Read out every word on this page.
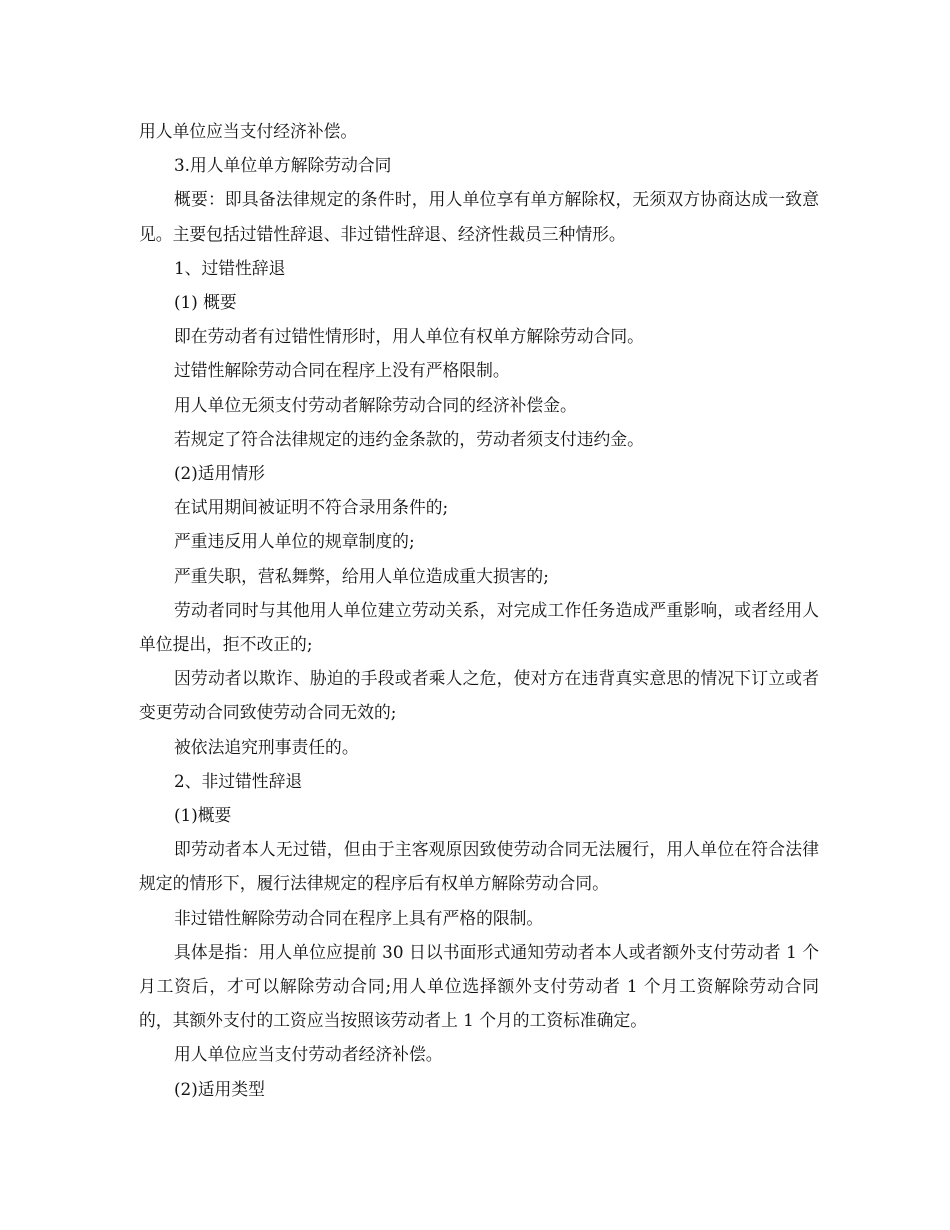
用人单位应当支付经济补偿。

3.用人单位单方解除劳动合同

概要：即具备法律规定的条件时，用人单位享有单方解除权，无须双方协商达成一致意见。主要包括过错性辞退、非过错性辞退、经济性裁员三种情形。

1、过错性辞退

(1) 概要

即在劳动者有过错性情形时，用人单位有权单方解除劳动合同。

过错性解除劳动合同在程序上没有严格限制。

用人单位无须支付劳动者解除劳动合同的经济补偿金。

若规定了符合法律规定的违约金条款的，劳动者须支付违约金。

(2)适用情形

在试用期间被证明不符合录用条件的;

严重违反用人单位的规章制度的;

严重失职，营私舞弊，给用人单位造成重大损害的;

劳动者同时与其他用人单位建立劳动关系，对完成工作任务造成严重影响，或者经用人单位提出，拒不改正的;

因劳动者以欺诈、胁迫的手段或者乘人之危，使对方在违背真实意思的情况下订立或者变更劳动合同致使劳动合同无效的;

被依法追究刑事责任的。

2、非过错性辞退

(1)概要

即劳动者本人无过错，但由于主客观原因致使劳动合同无法履行，用人单位在符合法律规定的情形下，履行法律规定的程序后有权单方解除劳动合同。

非过错性解除劳动合同在程序上具有严格的限制。

具体是指：用人单位应提前 30 日以书面形式通知劳动者本人或者额外支付劳动者 1 个月工资后，才可以解除劳动合同;用人单位选择额外支付劳动者 1 个月工资解除劳动合同的，其额外支付的工资应当按照该劳动者上 1 个月的工资标准确定。

用人单位应当支付劳动者经济补偿。

(2)适用类型
